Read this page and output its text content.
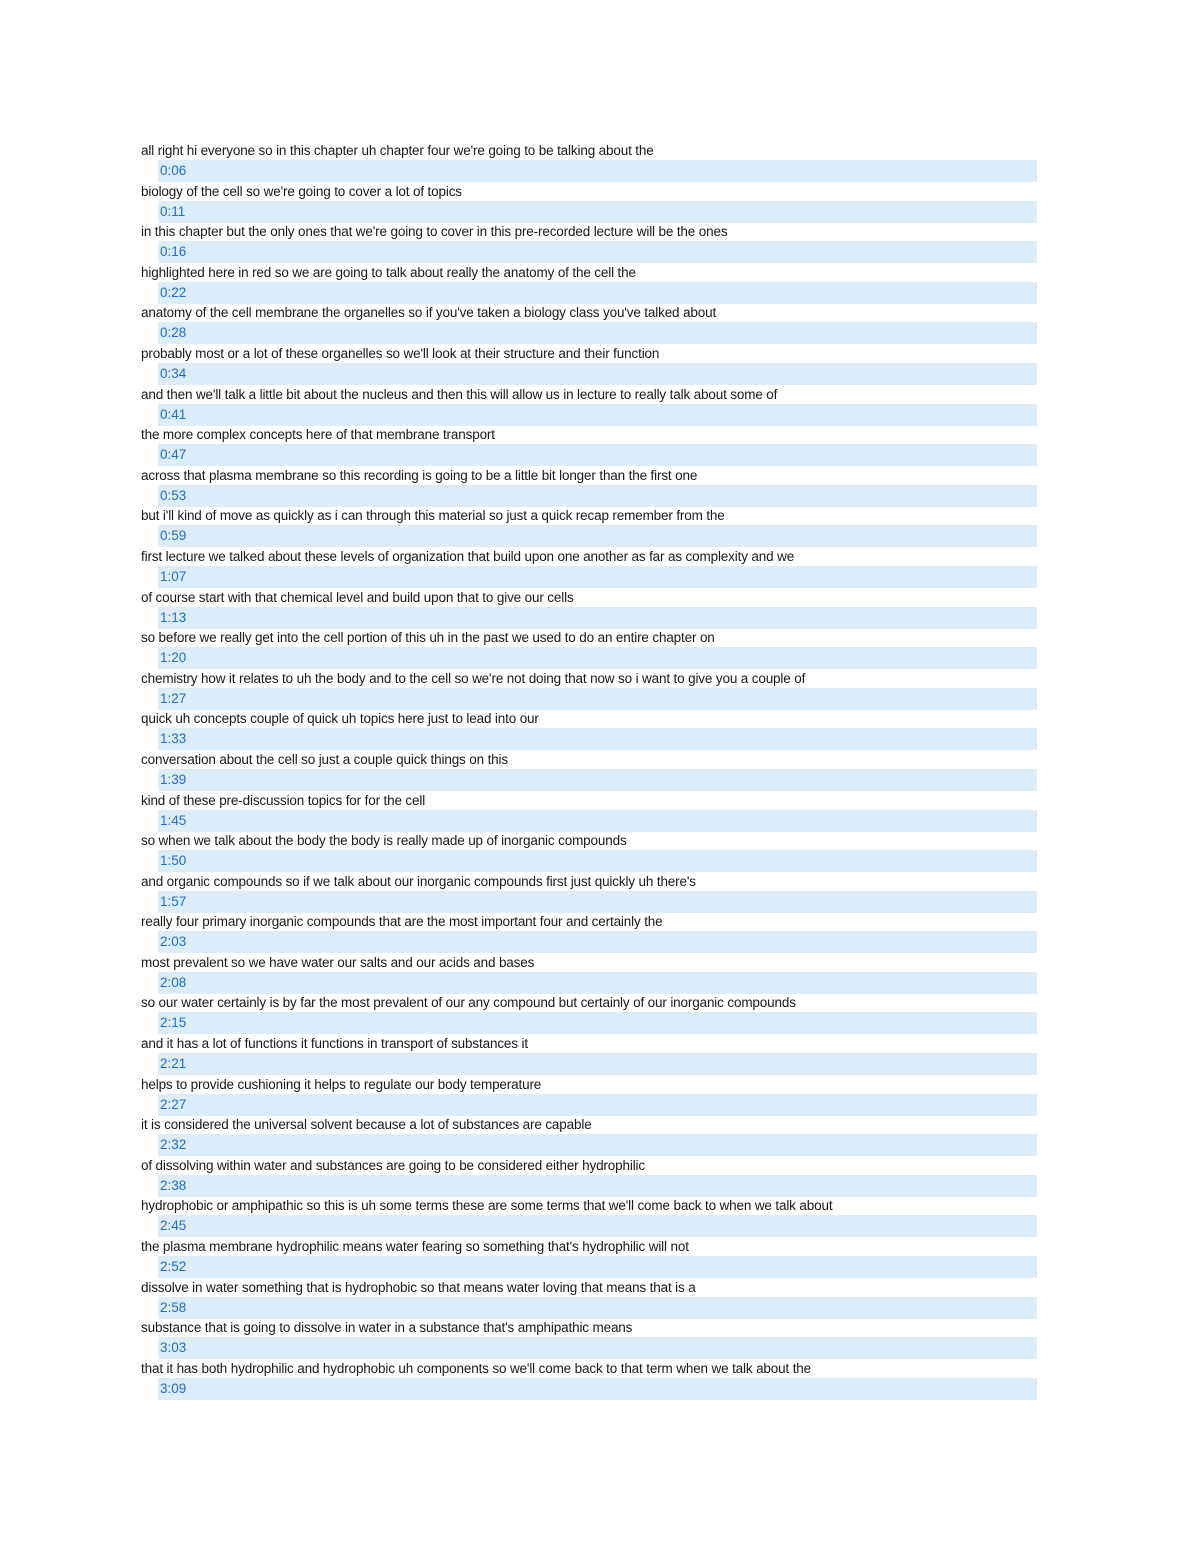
all right hi everyone so in this chapter uh chapter four we're going to be talking about the
0:06
biology of the cell so we're going to cover a lot of topics
0:11
in this chapter but the only ones that we're going to cover in this pre-recorded lecture will be the ones
0:16
highlighted here in red so we are going to talk about really the anatomy of the cell the
0:22
anatomy of the cell membrane the organelles so if you've taken a biology class you've talked about
0:28
probably most or a lot of these organelles so we'll look at their structure and their function
0:34
and then we'll talk a little bit about the nucleus and then this will allow us in lecture to really talk about some of
0:41
the more complex concepts here of that membrane transport
0:47
across that plasma membrane so this recording is going to be a little bit longer than the first one
0:53
but i'll kind of move as quickly as i can through this material so just a quick recap remember from the
0:59
first lecture we talked about these levels of organization that build upon one another as far as complexity and we
1:07
of course start with that chemical level and build upon that to give our cells
1:13
so before we really get into the cell portion of this uh in the past we used to do an entire chapter on
1:20
chemistry how it relates to uh the body and to the cell so we're not doing that now so i want to give you a couple of
1:27
quick uh concepts couple of quick uh topics here just to lead into our
1:33
conversation about the cell so just a couple quick things on this
1:39
kind of these pre-discussion topics for for the cell
1:45
so when we talk about the body the body is really made up of inorganic compounds
1:50
and organic compounds so if we talk about our inorganic compounds first just quickly uh there's
1:57
really four primary inorganic compounds that are the most important four and certainly the
2:03
most prevalent so we have water our salts and our acids and bases
2:08
so our water certainly is by far the most prevalent of our any compound but certainly of our inorganic compounds
2:15
and it has a lot of functions it functions in transport of substances it
2:21
helps to provide cushioning it helps to regulate our body temperature
2:27
it is considered the universal solvent because a lot of substances are capable
2:32
of dissolving within water and substances are going to be considered either hydrophilic
2:38
hydrophobic or amphipathic so this is uh some terms these are some terms that we'll come back to when we talk about
2:45
the plasma membrane hydrophilic means water fearing so something that's hydrophilic will not
2:52
dissolve in water something that is hydrophobic so that means water loving that means that is a
2:58
substance that is going to dissolve in water in a substance that's amphipathic means
3:03
that it has both hydrophilic and hydrophobic uh components so we'll come back to that term when we talk about the
3:09
